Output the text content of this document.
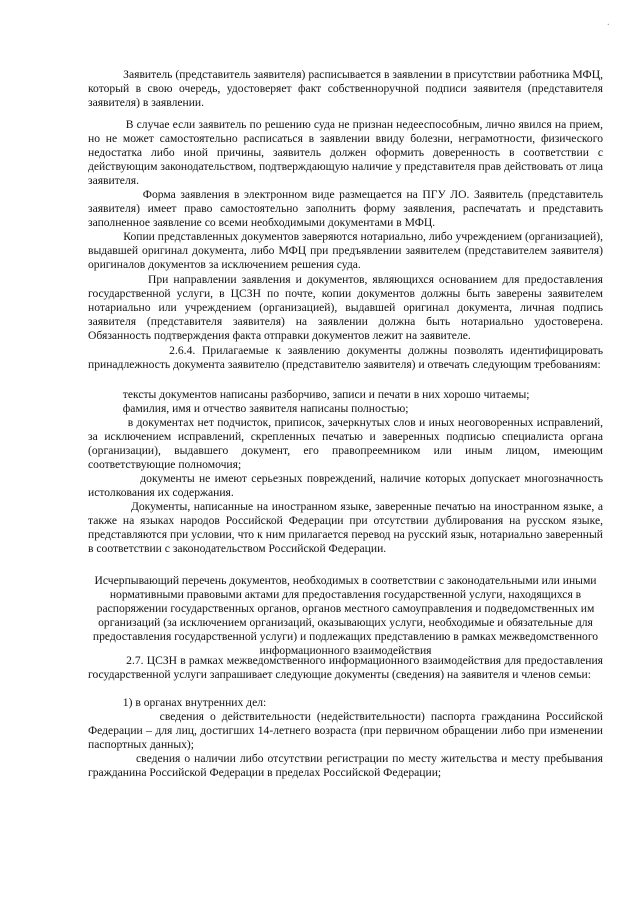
·
Заявитель (представитель заявителя) расписывается в заявлении в присутствии работника МФЦ, который в свою очередь, удостоверяет факт собственноручной подписи заявителя (представителя заявителя) в заявлении.
В случае если заявитель по решению суда не признан недееспособным, лично явился на прием, но не может самостоятельно расписаться в заявлении ввиду болезни, неграмотности, физического недостатка либо иной причины, заявитель должен оформить доверенность в соответствии с действующим законодательством, подтверждающую наличие у представителя прав действовать от лица заявителя.
Форма заявления в электронном виде размещается на ПГУ ЛО. Заявитель (представитель заявителя) имеет право самостоятельно заполнить форму заявления, распечатать и представить заполненное заявление со всеми необходимыми документами в МФЦ.
Копии представленных документов заверяются нотариально, либо учреждением (организацией), выдавшей оригинал документа, либо МФЦ при предъявлении заявителем (представителем заявителя) оригиналов документов за исключением решения суда.
При направлении заявления и документов, являющихся основанием для предоставления государственной услуги, в ЦСЗН по почте, копии документов должны быть заверены заявителем нотариально или учреждением (организацией), выдавшей оригинал документа, личная подпись заявителя (представителя заявителя) на заявлении должна быть нотариально удостоверена. Обязанность подтверждения факта отправки документов лежит на заявителе.
2.6.4. Прилагаемые к заявлению документы должны позволять идентифицировать принадлежность документа заявителю (представителю заявителя) и отвечать следующим требованиям:
тексты документов написаны разборчиво, записи и печати в них хорошо читаемы;
фамилия, имя и отчество заявителя написаны полностью;
в документах нет подчисток, приписок, зачеркнутых слов и иных неоговоренных исправлений, за исключением исправлений, скрепленных печатью и заверенных подписью специалиста органа (организации), выдавшего документ, его правопреемником или иным лицом, имеющим соответствующие полномочия;
документы не имеют серьезных повреждений, наличие которых допускает многозначность истолкования их содержания.
Документы, написанные на иностранном языке, заверенные печатью на иностранном языке, а также на языках народов Российской Федерации при отсутствии дублирования на русском языке, представляются при условии, что к ним прилагается перевод на русский язык, нотариально заверенный в соответствии с законодательством Российской Федерации.
Исчерпывающий перечень документов, необходимых в соответствии с законодательными или иными нормативными правовыми актами для предоставления государственной услуги, находящихся в распоряжении государственных органов, органов местного самоуправления и подведомственных им организаций (за исключением организаций, оказывающих услуги, необходимые и обязательные для предоставления государственной услуги) и подлежащих представлению в рамках межведомственного информационного взаимодействия
2.7. ЦСЗН в рамках межведомственного информационного взаимодействия для предоставления государственной услуги запрашивает следующие документы (сведения) на заявителя и членов семьи:
1) в органах внутренних дел:
сведения о действительности (недействительности) паспорта гражданина Российской Федерации – для лиц, достигших 14-летнего возраста (при первичном обращении либо при изменении паспортных данных);
сведения о наличии либо отсутствии регистрации по месту жительства и месту пребывания гражданина Российской Федерации в пределах Российской Федерации;
